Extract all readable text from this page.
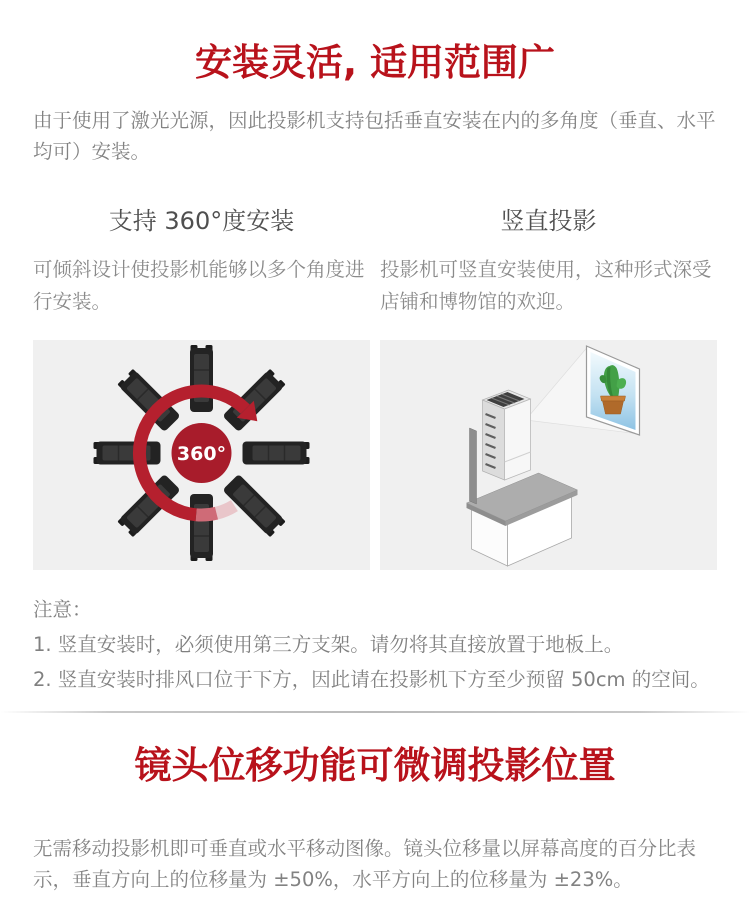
安装灵活, 适用范围广

由于使用了激光光源，因此投影机支持包括垂直安装在内的多角度（垂直、水平均可）安装。

支持 360°度安装

可倾斜设计使投影机能够以多个角度进行安装。

360°
竖直投影

投影机可竖直安装使用，这种形式深受店铺和博物馆的欢迎。

注意：

1. 竖直安装时，必须使用第三方支架。请勿将其直接放置于地板上。

2. 竖直安装时排风口位于下方，因此请在投影机下方至少预留 50cm 的空间。

镜头位移功能可微调投影位置

无需移动投影机即可垂直或水平移动图像。镜头位移量以屏幕高度的百分比表示，垂直方向上的位移量为 ±50%，水平方向上的位移量为 ±23%。
